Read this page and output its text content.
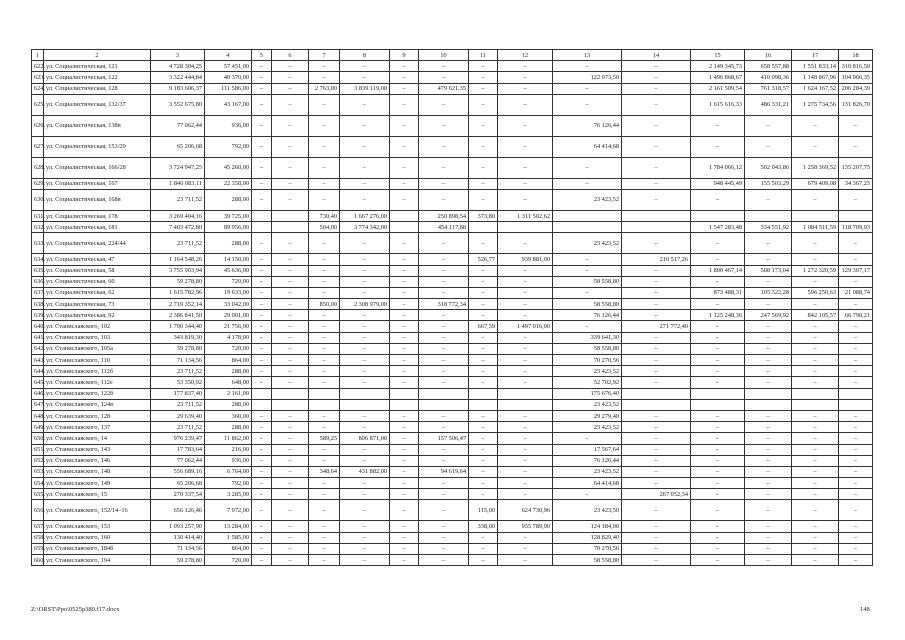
1	2	3	4	5	6	7	8	9	10	11	12	13	14	15	16	17	18
622.	ул. Социалистическая, 121	4 728 304,25	57 451,00	–	–	–	–	–	–	–	–	–	–	2 149 345,73	658 557,88	1 551 833,14	310 816,50
623.	ул. Социалистическая, 122	3 322 444,84	40 370,00	–	–	–	–	–	–	–	–	122 973,50	–	1 496 868,67	410 098,36	1 148 867,96	104 066,35
624.	ул. Социалистическая, 128	9 183 606,37	111 586,00	–	–	2 763,00	3 839 119,00	–	479 621,35	–	–	–	–	2 161 509,54	761 318,57	1 624 167,52	206 284,39
625.	ул. Социалистическая, 132/37	3 552 675,80	43 167,00	–	–	–	–	–	–	–	–	–	–	1 615 616,33	486 331,21	1 275 734,56	131 826,70
626.	ул. Социалистическая, 138в	77 062,44	936,00	–	–	–	–	–	–	–	–	76 126,44	–	–	–	–	–
627.	ул. Социалистическая, 153/29	65 206,68	792,00	–	–	–	–	–	–	–	–	64 414,68	–	–	–	–	–
628.	ул. Социалистическая, 166/28	3 724 947,25	45 260,00	–	–	–	–	–	–	–	–	–	–	1 784 066,12	502 043,86	1 258 369,52	135 207,75
629.	ул. Социалистическая, 167	1 840 083,11	22 358,00	–	–	–	–	–	–	–	–	–	–	948 445,49	155 503,29	679 409,08	34 367,25
630.	ул. Социалистическая, 168в	23 711,52	288,00	–	–	–	–	–	–	–	–	23 423,52	–	–	–	–	–
631.	ул. Социалистическая, 178	3 269 404,16	39 725,00			730,40	1 667 276,00		250 898,54	373,80	1 311 502,62						
632.	ул. Социалистическая, 181	7 403 472,80	89 956,00			504,00	3 774 342,00		454 117,88					1 547 283,48	334 551,92	1 084 511,59	118 709,93
633.	ул. Социалистическая, 224/44	23 711,52	288,00	–	–	–	–	–	–	–	–	23 423,52	–	–	–	–	–
634.	ул. Социалистическая, 47	1 164 548,26	14 150,00	–	–	–	–	–	–	526,77	939 881,00	–	210 517,26	–	–	–	–
635.	ул. Социалистическая, 58	3 755 903,94	45 636,00	–	–	–	–	–	–	–	–	–	–	1 800 467,14	508 173,04	1 272 320,59	129 307,17
636.	ул. Социалистическая, 60	59 278,80	720,00	–	–	–	–	–	–	–	–	58 558,80	–	–	–	–	–
637.	ул. Социалистическая, 62	1 615 782,96	19 633,00	–	–	–	–	–	–	–	–	–	–	873 488,31	105 322,28	596 250,63	21 088,74
638.	ул. Социалистическая, 73	2 719 352,14	33 042,00	–	–	850,00	2 308 979,00	–	318 772,34	–	–	58 558,80	–	–	–	–	–
639.	ул. Социалистическая, 92	2 386 841,50	29 001,00	–	–	–	–	–	–	–	–	76 126,44	–	1 125 248,36	247 569,92	842 105,57	66 790,21
640.	ул. Станиславского, 102	1 790 344,40	21 756,00	–	–	–	–	–	–	667,59	1 497 016,00	–	271 772,40	–	–	–	–
641.	ул. Станиславского, 103	343 819,30	4 178,00	–	–	–	–	–	–	–	–	339 641,30	–	–	–	–	–
642.	ул. Станиславского, 105а	59 278,80	720,00	–	–	–	–	–	–	–	–	58 558,80	–	–	–	–	–
643.	ул. Станиславского, 110	71 134,56	864,00	–	–	–	–	–	–	–	–	70 270,56	–	–	–	–	–
644.	ул. Станиславского, 112б	23 711,52	288,00	–	–	–	–	–	–	–	–	23 423,52	–	–	–	–	–
645.	ул. Станиславского, 112е	53 350,92	648,00	–	–	–	–	–	–	–	–	52 702,92	–	–	–	–	–
646.	ул. Станиславского, 122б	177 837,40	2 161,00									175 676,40					
647.	ул. Станиславского, 124в	23 711,52	288,00									23 423,52					
648.	ул. Станиславского, 128	29 639,40	360,00	–	–	–	–	–	–	–	–	29 279,40	–	–	–	–	–
649.	ул. Станиславского, 137	23 711,52	288,00	–	–	–	–	–	–	–	–	23 423,52	–	–	–	–	–
650.	ул. Станиславского, 14	976 239,47	11 862,00	–	–	589,25	806 871,00	–	157 506,47	–	–	–	–	–	–	–	–
651.	ул. Станиславского, 143	17 783,64	216,00	–	–	–	–	–	–	–	–	17 567,64	–	–	–	–	–
652.	ул. Станиславского, 146	77 062,44	936,00	–	–	–	–	–	–	–	–	76 126,44	–	–	–	–	–
653.	ул. Станиславского, 148	556 689,16	6 764,00	–	–	348,64	431 882,00	–	94 619,64	–	–	23 423,52	–	–	–	–	–
654.	ул. Станиславского, 149	65 206,68	792,00	–	–	–	–	–	–	–	–	64 414,68	–	–	–	–	–
655.	ул. Станиславского, 15	270 337,54	3 285,00	–	–	–	–	–	–	–	–	–	267 052,54	–	–	–	–
656.	ул. Станиславского, 152/14–16	656 126,46	7 972,00	–	–	–	–	–	–	115,00	624 730,96	23 423,50	–	–	–	–	–
657.	ул. Станиславского, 153	1 093 257,90	13 284,00	–	–	–	–	–	–	338,00	955 789,90	124 184,00	–	–	–	–	–
658.	ул. Станиславского, 160	130 414,40	1 585,00	–	–	–	–	–	–	–	–	128 829,40	–	–	–	–	–
659.	ул. Станиславского, 184б	71 134,56	864,00	–	–	–	–	–	–	–	–	70 270,56	–	–	–	–	–
660.	ул. Станиславского, 194	59 278,80	720,00	–	–	–	–	–	–	–	–	58 558,80	–	–	–	–	–
Z:\ORST\Ppo\0525p380.f17.docx	148
